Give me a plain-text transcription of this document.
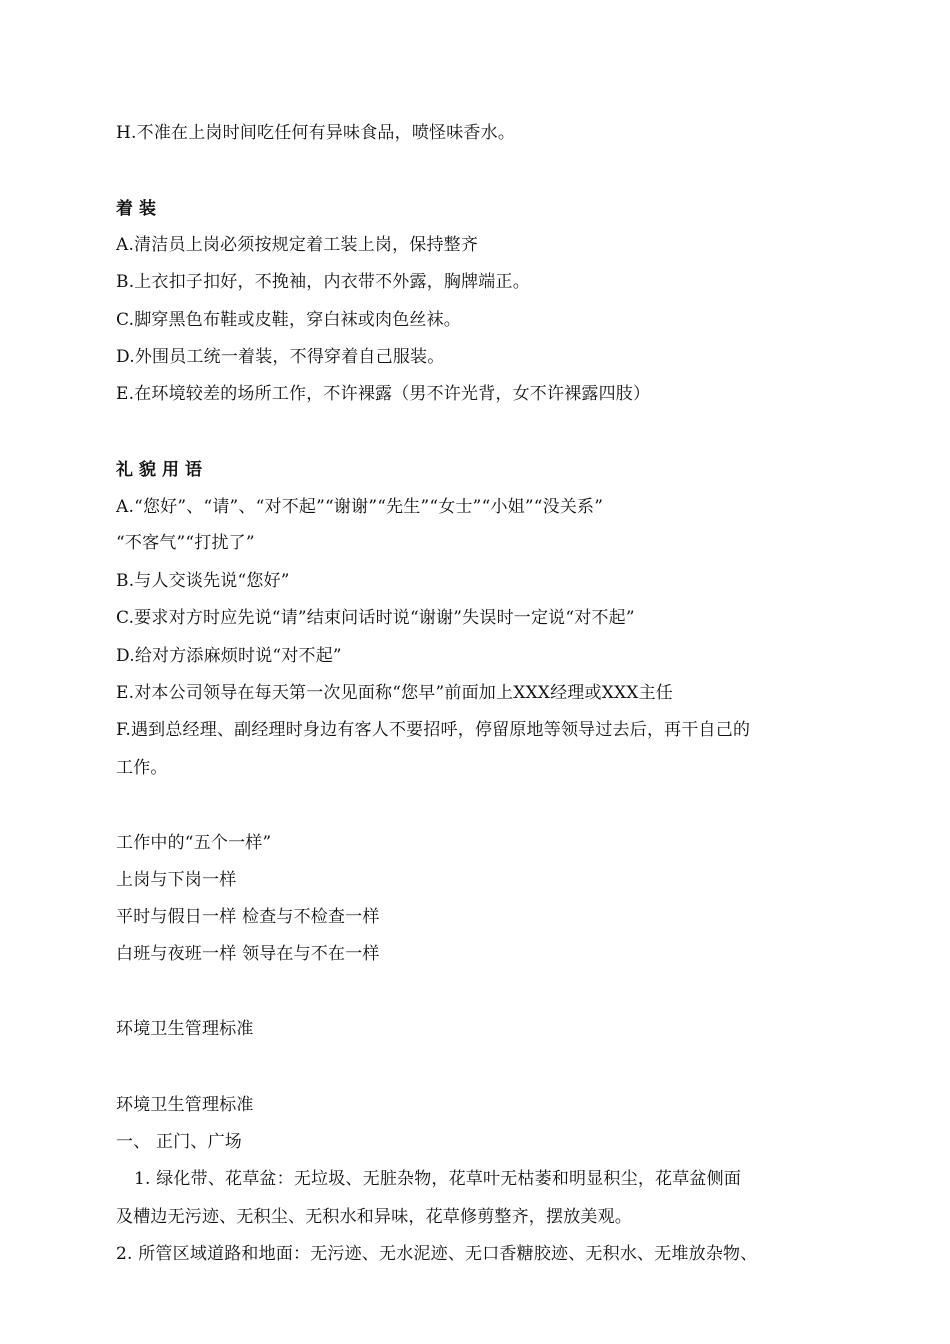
H.不准在上岗时间吃任何有异味食品，喷怪味香水。
着装
A.清洁员上岗必须按规定着工装上岗，保持整齐
B.上衣扣子扣好，不挽袖，内衣带不外露，胸牌端正。
C.脚穿黑色布鞋或皮鞋，穿白袜或肉色丝袜。
D.外围员工统一着装，不得穿着自己服装。
E.在环境较差的场所工作，不许裸露（男不许光背，女不许裸露四肢）
礼貌用语
A.“您好”、“请”、“对不起”“谢谢”“先生”“女士”“小姐”“没关系”
“不客气”“打扰了”
B.与人交谈先说“您好”
C.要求对方时应先说“请”结束问话时说“谢谢”失误时一定说“对不起”
D.给对方添麻烦时说“对不起”
E.对本公司领导在每天第一次见面称“您早”前面加上XXX经理或XXX主任
F.遇到总经理、副经理时身边有客人不要招呼，停留原地等领导过去后，再干自己的
工作。
工作中的“五个一样”
上岗与下岗一样
平时与假日一样 检查与不检查一样
白班与夜班一样 领导在与不在一样
环境卫生管理标准
环境卫生管理标准
一、 正门、广场
1. 绿化带、花草盆：无垃圾、无脏杂物，花草叶无枯萎和明显积尘，花草盆侧面
及槽边无污迹、无积尘、无积水和异味，花草修剪整齐，摆放美观。
2. 所管区域道路和地面：无污迹、无水泥迹、无口香糖胶迹、无积水、无堆放杂物、
